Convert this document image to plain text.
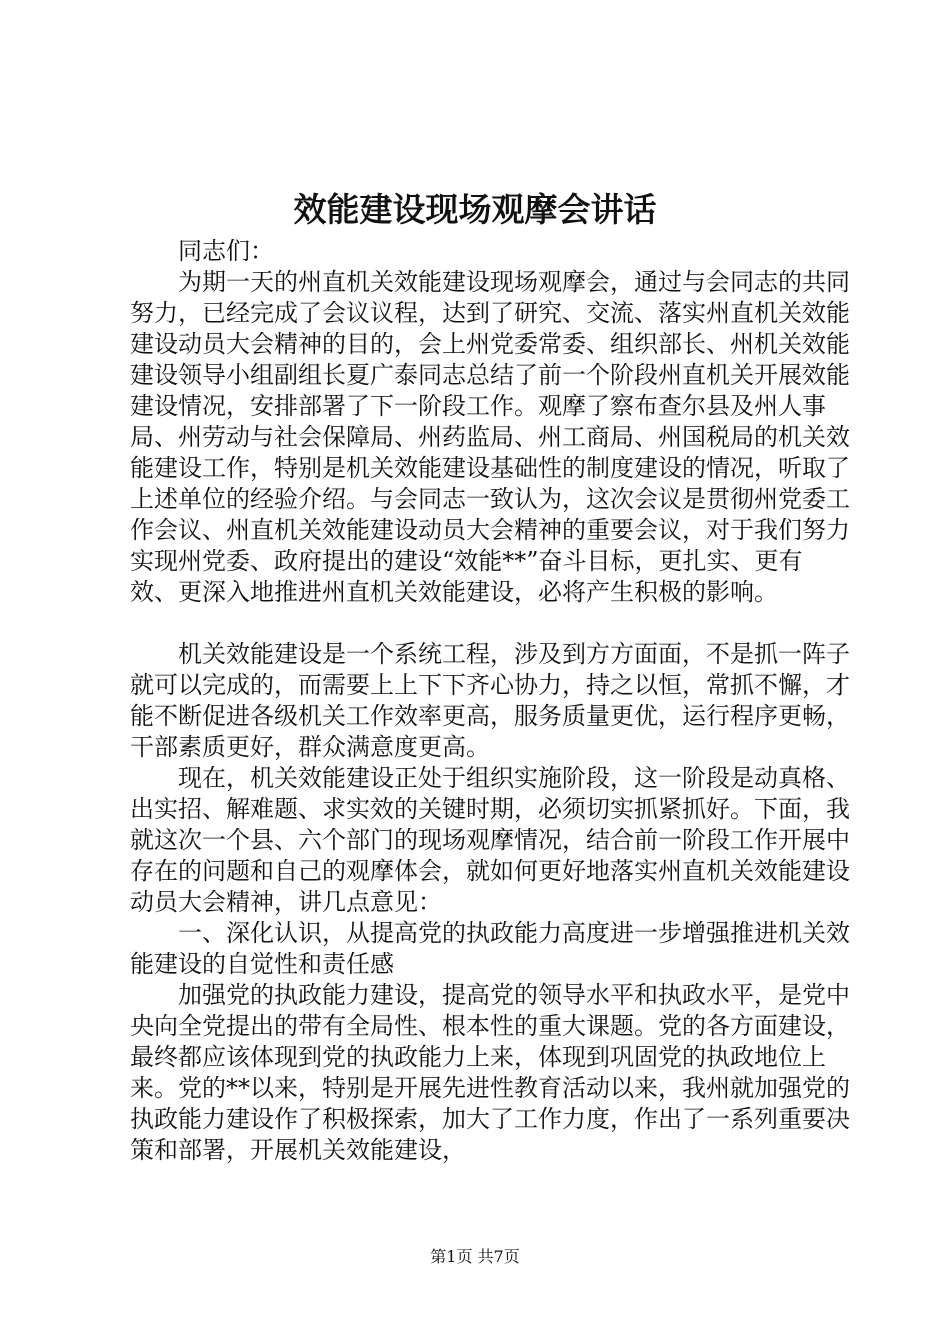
效能建设现场观摩会讲话

同志们：

为期一天的州直机关效能建设现场观摩会，通过与会同志的共同努力，已经完成了会议议程，达到了研究、交流、落实州直机关效能建设动员大会精神的目的，会上州党委常委、组织部长、州机关效能建设领导小组副组长夏广泰同志总结了前一个阶段州直机关开展效能建设情况，安排部署了下一阶段工作。观摩了察布查尔县及州人事局、州劳动与社会保障局、州药监局、州工商局、州国税局的机关效能建设工作，特别是机关效能建设基础性的制度建设的情况，听取了上述单位的经验介绍。与会同志一致认为，这次会议是贯彻州党委工作会议、州直机关效能建设动员大会精神的重要会议，对于我们努力实现州党委、政府提出的建设“效能**”奋斗目标，更扎实、更有效、更深入地推进州直机关效能建设，必将产生积极的影响。

机关效能建设是一个系统工程，涉及到方方面面，不是抓一阵子就可以完成的，而需要上上下下齐心协力，持之以恒，常抓不懈，才能不断促进各级机关工作效率更高，服务质量更优，运行程序更畅，干部素质更好，群众满意度更高。

现在，机关效能建设正处于组织实施阶段，这一阶段是动真格、出实招、解难题、求实效的关键时期，必须切实抓紧抓好。下面，我就这次一个县、六个部门的现场观摩情况，结合前一阶段工作开展中存在的问题和自己的观摩体会，就如何更好地落实州直机关效能建设动员大会精神，讲几点意见：

一、深化认识，从提高党的执政能力高度进一步增强推进机关效能建设的自觉性和责任感

加强党的执政能力建设，提高党的领导水平和执政水平，是党中央向全党提出的带有全局性、根本性的重大课题。党的各方面建设，最终都应该体现到党的执政能力上来，体现到巩固党的执政地位上来。党的**以来，特别是开展先进性教育活动以来，我州就加强党的执政能力建设作了积极探索，加大了工作力度，作出了一系列重要决策和部署，开展机关效能建设，

第1页 共7页
